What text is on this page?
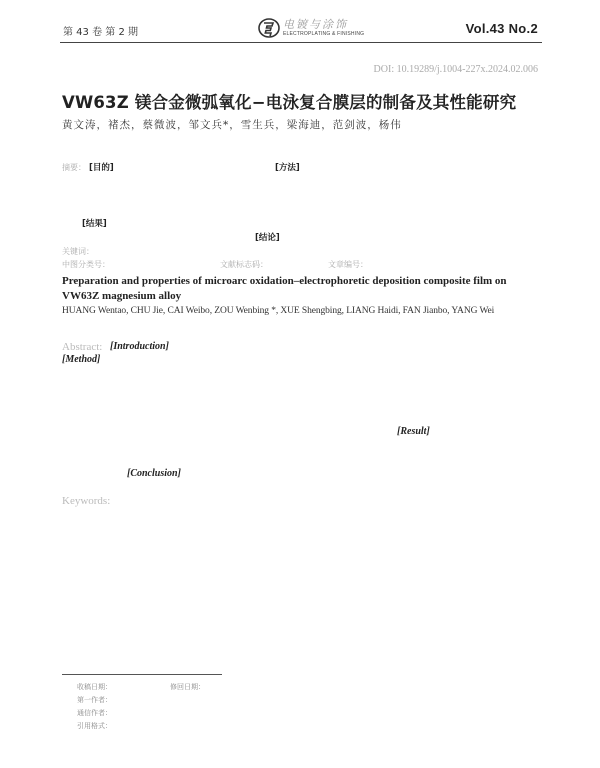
第 43 卷 第 2 期
电镀与涂饰
ELECTROPLATING & FINISHING	Vol.43 No.2
DOI: 10.19289/j.1004-227x.2024.02.006
VW63Z 镁合金微弧氧化−电泳复合膜层的制备及其性能研究
黄文涛，褚杰，蔡微波，邹文兵*，雪生兵，梁海迪，范剑波，杨伟
摘要： [目的]	[方法]
[结果]
[结论]
关键词：
中图分类号：	文献标志码：	文章编号：
Preparation and properties of microarc oxidation–electrophoretic deposition composite film on VW63Z magnesium alloy
HUANG Wentao, CHU Jie, CAI Weibo, ZOU Wenbing *, XUE Shengbing, LIANG Haidi, FAN Jianbo, YANG Wei
Abstract: [Introduction]
[Method]
[Result]
[Conclusion]
Keywords:
收稿日期：	修回日期：
第一作者：
通信作者：
引用格式：
